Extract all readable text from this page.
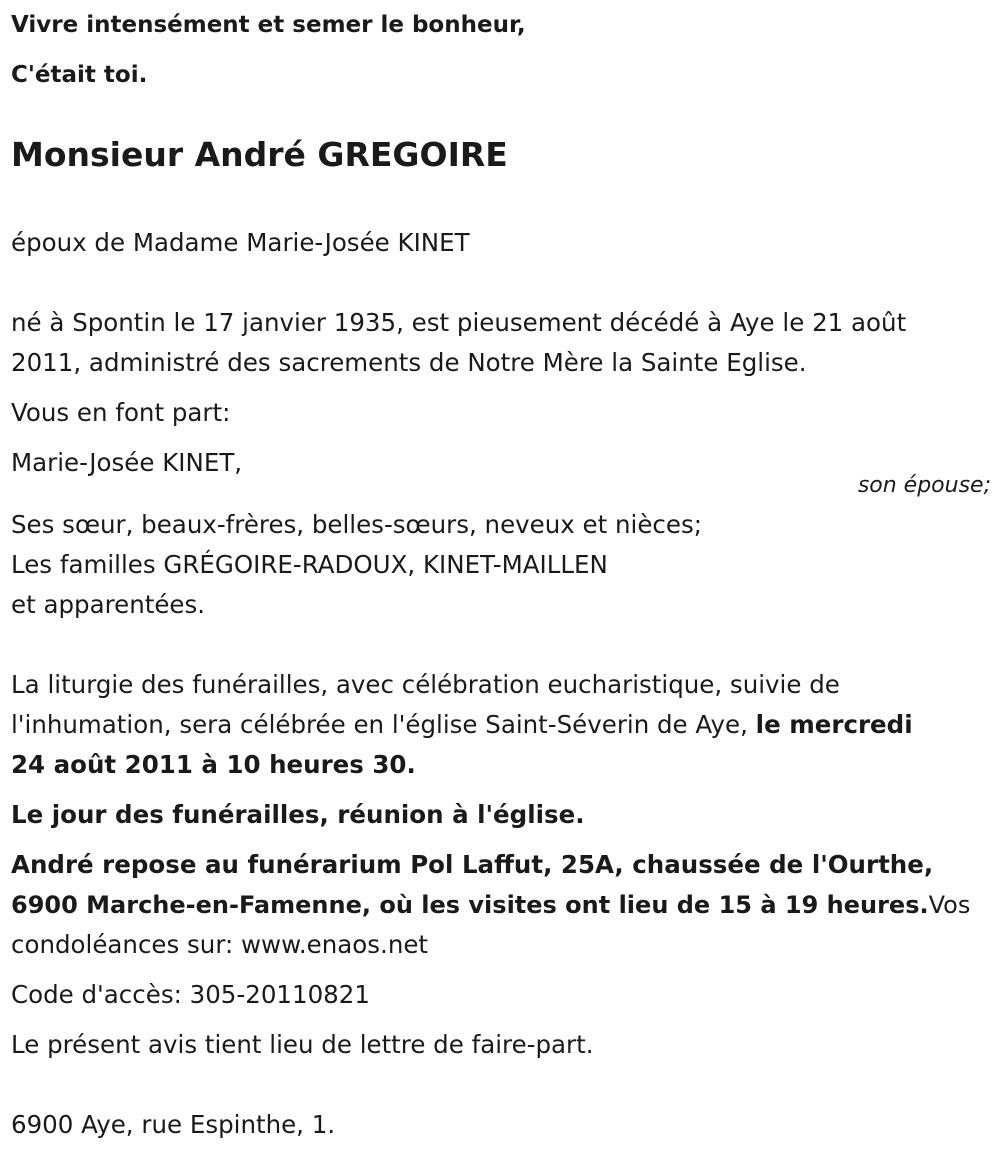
Vivre intensément et semer le bonheur,
C'était toi.
Monsieur André GREGOIRE
époux de Madame Marie-Josée KINET
né à Spontin le 17 janvier 1935, est pieusement décédé à Aye le 21 août
2011, administré des sacrements de Notre Mère la Sainte Eglise.
Vous en font part:
Marie-Josée KINET,
son épouse;
Ses sœur, beaux-frères, belles-sœurs, neveux et nièces;
Les familles GRÉGOIRE-RADOUX, KINET-MAILLEN
et apparentées.
La liturgie des funérailles, avec célébration eucharistique, suivie de
l'inhumation, sera célébrée en l'église Saint-Séverin de Aye, le mercredi
24 août 2011 à 10 heures 30.
Le jour des funérailles, réunion à l'église.
André repose au funérarium Pol Laffut, 25A, chaussée de l'Ourthe,
6900 Marche-en-Famenne, où les visites ont lieu de 15 à 19 heures.Vos
condoléances sur: www.enaos.net
Code d'accès: 305-20110821
Le présent avis tient lieu de lettre de faire-part.
6900 Aye, rue Espinthe, 1.
